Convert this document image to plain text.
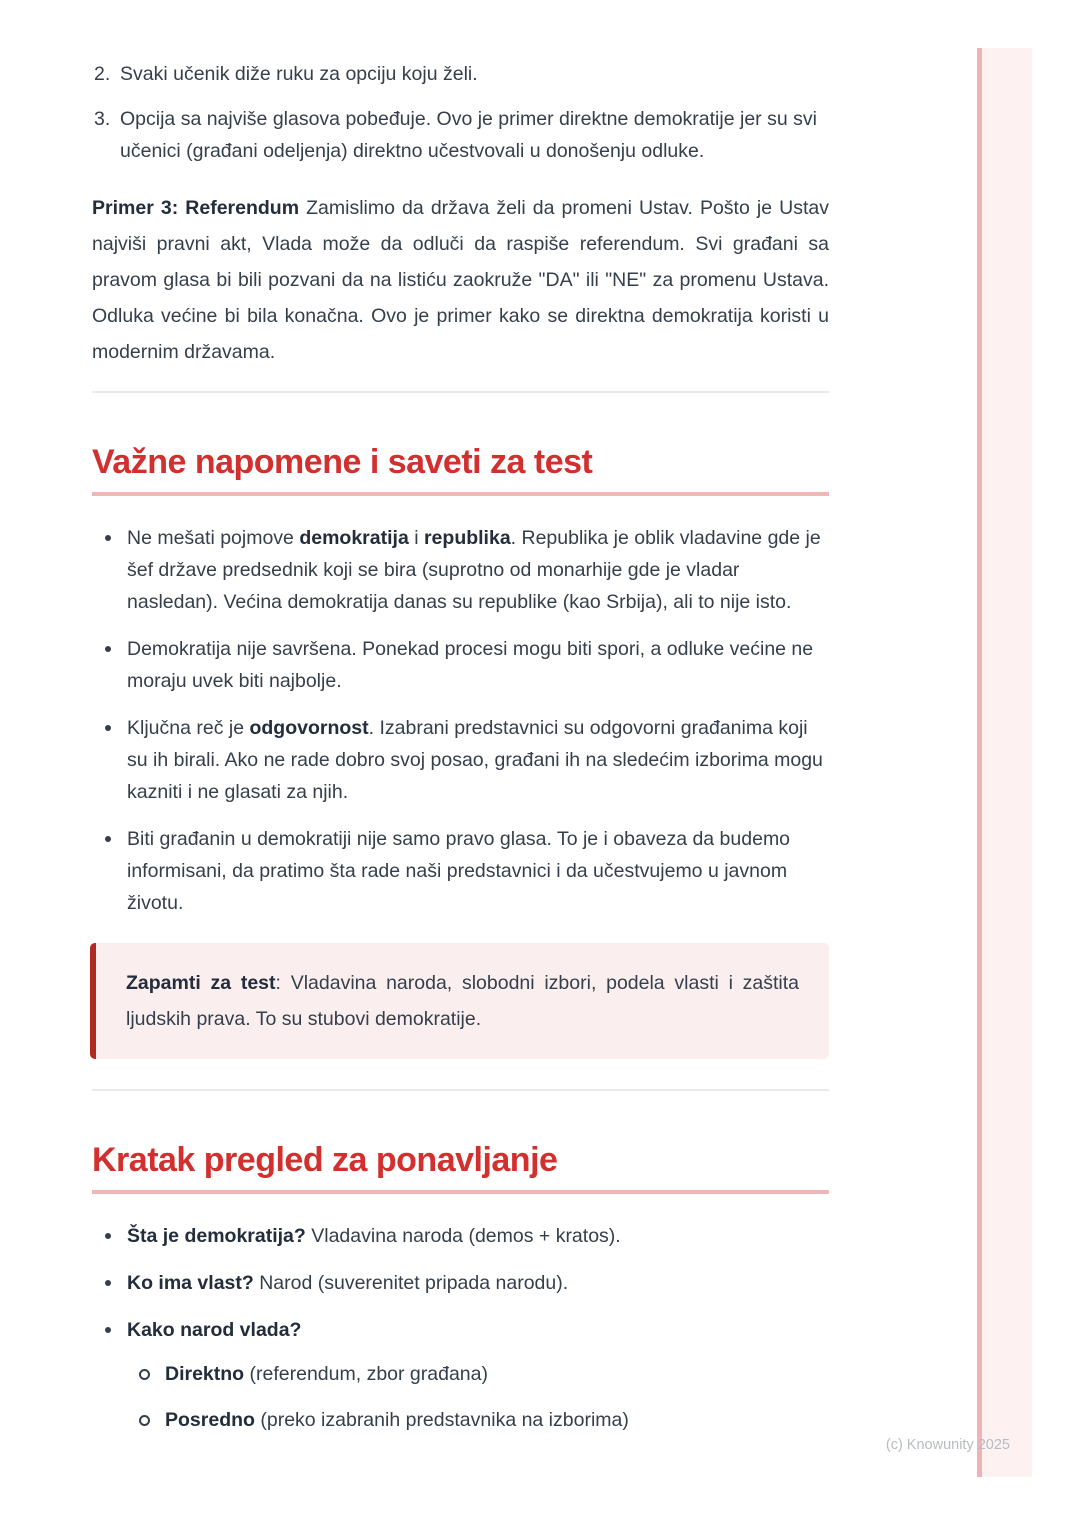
2. Svaki učenik diže ruku za opciju koju želi.
3. Opcija sa najviše glasova pobeđuje. Ovo je primer direktne demokratije jer su svi učenici (građani odeljenja) direktno učestvovali u donošenju odluke.

Primer 3: Referendum Zamislimo da država želi da promeni Ustav. Pošto je Ustav najviši pravni akt, Vlada može da odluči da raspiše referendum. Svi građani sa pravom glasa bi bili pozvani da na listiću zaokruže "DA" ili "NE" za promenu Ustava. Odluka većine bi bila konačna. Ovo je primer kako se direktna demokratija koristi u modernim državama.

Važne napomene i saveti za test
Ne mešati pojmove demokratija i republika. Republika je oblik vladavine gde je šef države predsednik koji se bira (suprotno od monarhije gde je vladar nasledan). Većina demokratija danas su republike (kao Srbija), ali to nije isto.
Demokratija nije savršena. Ponekad procesi mogu biti spori, a odluke većine ne moraju uvek biti najbolje.
Ključna reč je odgovornost. Izabrani predstavnici su odgovorni građanima koji su ih birali. Ako ne rade dobro svoj posao, građani ih na sledećim izborima mogu kazniti i ne glasati za njih.
Biti građanin u demokratiji nije samo pravo glasa. To je i obaveza da budemo informisani, da pratimo šta rade naši predstavnici i da učestvujemo u javnom životu.
Zapamti za test: Vladavina naroda, slobodni izbori, podela vlasti i zaštita ljudskih prava. To su stubovi demokratije.
Kratak pregled za ponavljanje
Šta je demokratija? Vladavina naroda (demos + kratos).
Ko ima vlast? Narod (suverenitet pripada narodu).
Kako narod vlada?
Direktno (referendum, zbor građana)
Posredno (preko izabranih predstavnika na izborima)
(c) Knowunity 2025
